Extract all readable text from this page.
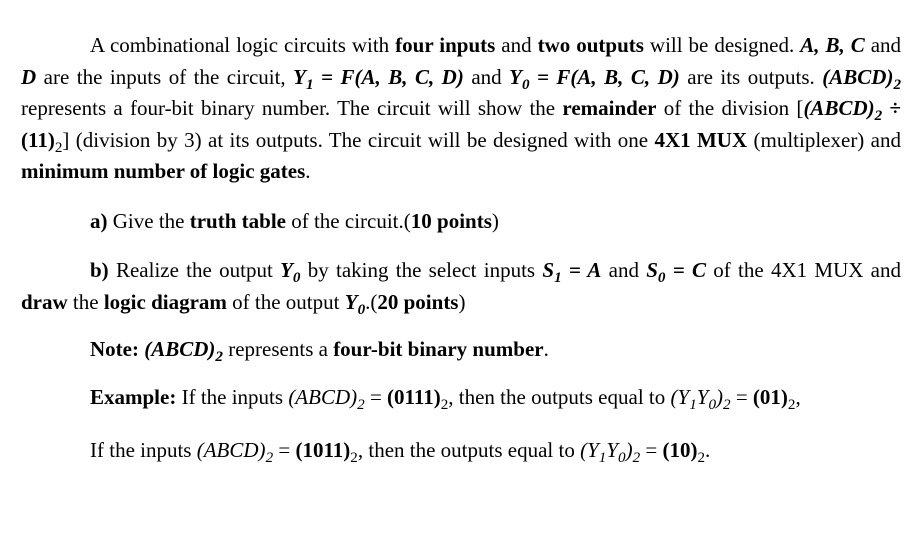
A combinational logic circuits with four inputs and two outputs will be designed. A, B, C and D are the inputs of the circuit, $Y_1 = F(A$, B, C, D) and $Y_0 = F(A$, B, C, D) are its outputs. $(ABCD)_2$ represents a four-bit binary number. The circuit will show the remainder of the division $[(ABCD)_2 \div (11)_2]$ (division by 3) at its outputs. The circuit will be designed with one 4X1 MUX (multiplexer) and minimum number of logic gates.

a) Give the truth table of the circuit.(10 points)

b) Realize the output $Y_0$ by taking the select inputs $S_1 = A$ and $S_0 = C$ of the 4X1 MUX and draw the logic diagram of the output $Y_0.(20$ points)

Note: $(ABCD)_2$ represents a four-bit binary number.

Example: If the inputs $(ABCD)_2 = (0111)_2$, then the outputs equal to $(Y_1Y_0)_2 = (01)_2$,

If the inputs $(ABCD)_2 = (1011)_2$, then the outputs equal to $(Y_1Y_0)_2 = (10)_2$.
